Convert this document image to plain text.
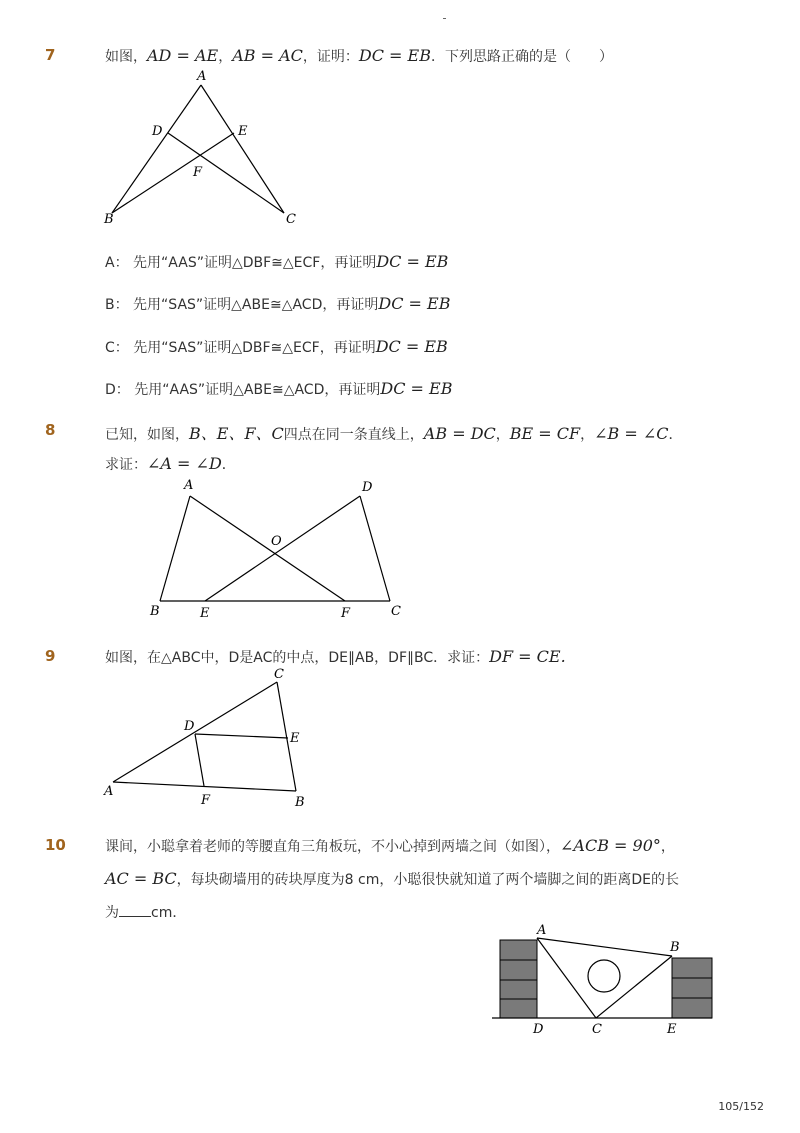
7	如图，AD = AE，AB = AC，证明：DC = EB．下列思路正确的是（　　）
A
D	E
F
B	C
A： 先用“AAS”证明△DBF≅△ECF，再证明DC = EB
B： 先用“SAS”证明△ABE≅△ACD，再证明DC = EB
C： 先用“SAS”证明△DBF≅△ECF，再证明DC = EB
D： 先用“AAS”证明△ABE≅△ACD，再证明DC = EB
8	已知，如图，B、E、F、C四点在同一条直线上，AB = DC，BE = CF，∠B = ∠C．
求证：∠A = ∠D．
A	D
O
B	E	F	C
9	如图，在△ABC中，D是AC的中点，DE∥AB，DF∥BC．求证：DF = CE.
C
D
E
A
F	B
10	课间，小聪拿着老师的等腰直角三角板玩，不小心掉到两墙之间（如图），∠ACB = 90°，
AC = BC，每块砌墙用的砖块厚度为8 cm，小聪很快就知道了两个墙脚之间的距离DE的长
为 cm．
A
B
D	C	E
105/152
